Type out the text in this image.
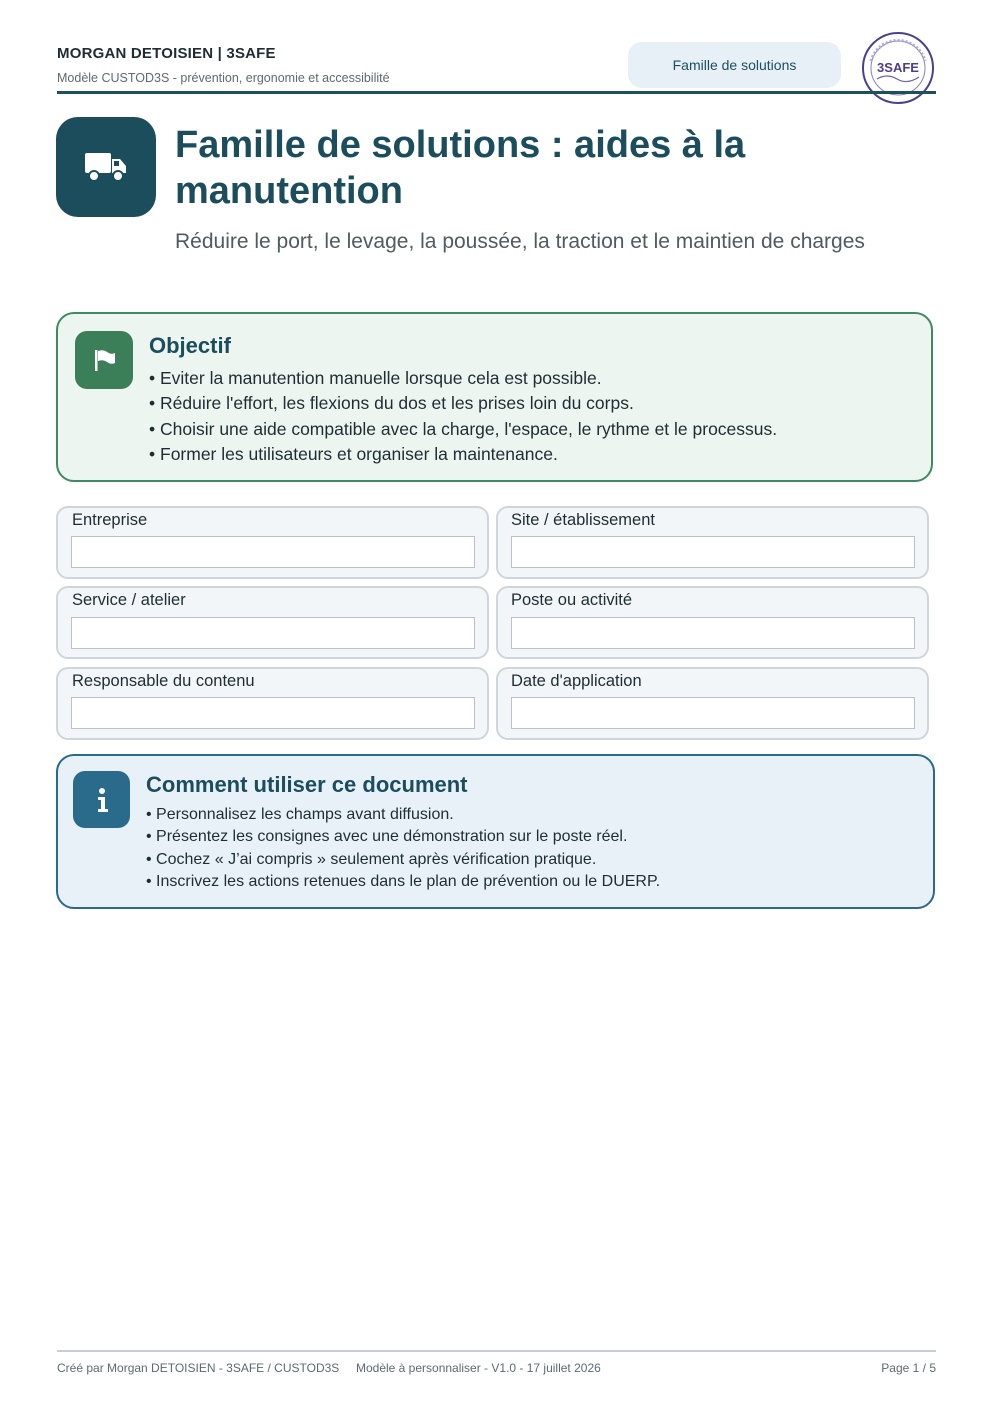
MORGAN DETOISIEN | 3SAFE
Modèle CUSTOD3S - prévention, ergonomie et accessibilité
Famille de solutions	3SAFE
Famille de solutions : aides à la manutention
Réduire le port, le levage, la poussée, la traction et le maintien de charges
Objectif
• Eviter la manutention manuelle lorsque cela est possible.
• Réduire l'effort, les flexions du dos et les prises loin du corps.
• Choisir une aide compatible avec la charge, l'espace, le rythme et le processus.
• Former les utilisateurs et organiser la maintenance.
Entreprise	Site / établissement
Service / atelier	Poste ou activité
Responsable du contenu	Date d'application
Comment utiliser ce document
• Personnalisez les champs avant diffusion.
• Présentez les consignes avec une démonstration sur le poste réel.
• Cochez « J’ai compris » seulement après vérification pratique.
• Inscrivez les actions retenues dans le plan de prévention ou le DUERP.
Créé par Morgan DETOISIEN - 3SAFE / CUSTOD3S     Modèle à personnaliser - V1.0 - 17 juillet 2026	Page 1 / 5
